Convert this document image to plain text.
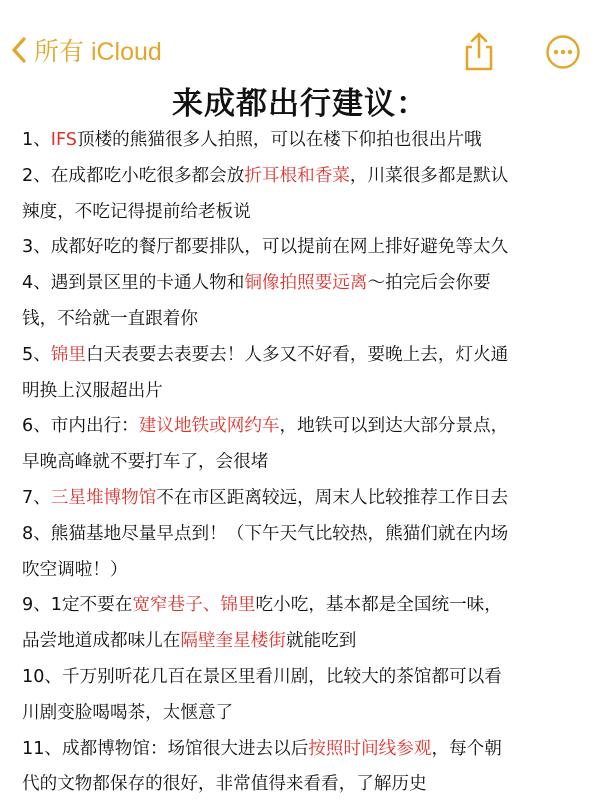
所有 iCloud
来成都出行建议：
1、IFS顶楼的熊猫很多人拍照，可以在楼下仰拍也很出片哦
2、在成都吃小吃很多都会放折耳根和香菜，川菜很多都是默认
辣度，不吃记得提前给老板说
3、成都好吃的餐厅都要排队，可以提前在网上排好避免等太久
4、遇到景区里的卡通人物和铜像拍照要远离～拍完后会你要
钱，不给就一直跟着你
5、锦里白天表要去表要去！人多又不好看，要晚上去，灯火通
明换上汉服超出片
6、市内出行：建议地铁或网约车，地铁可以到达大部分景点，
早晚高峰就不要打车了，会很堵
7、三星堆博物馆不在市区距离较远，周末人比较推荐工作日去
8、熊猫基地尽量早点到！（下午天气比较热，熊猫们就在内场
吹空调啦！）
9、1定不要在宽窄巷子、锦里吃小吃，基本都是全国统一味，
品尝地道成都味儿在隔壁奎星楼街就能吃到
10、千万别听花几百在景区里看川剧，比较大的茶馆都可以看
川剧变脸喝喝茶，太惬意了
11、成都博物馆：场馆很大进去以后按照时间线参观，每个朝
代的文物都保存的很好，非常值得来看看，了解历史
